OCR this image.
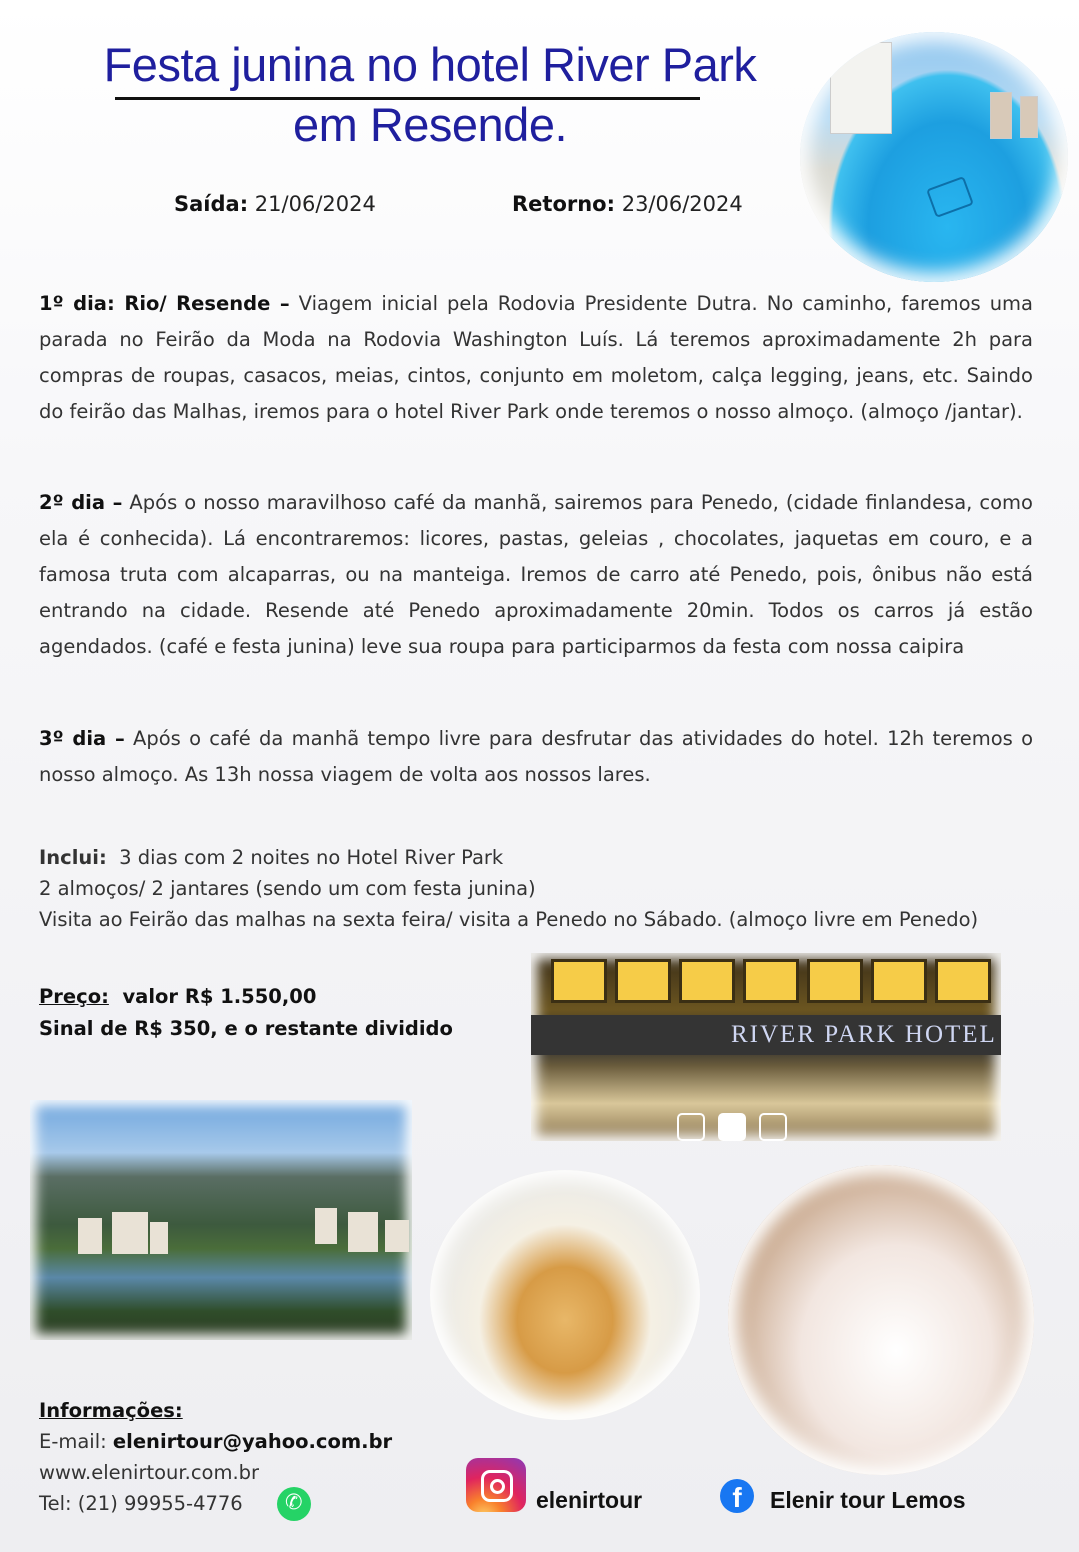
Festa junina no hotel River Park
em Resende.
Saída: 21/06/2024	Retorno: 23/06/2024
1º dia: Rio/ Resende – Viagem inicial pela Rodovia Presidente Dutra. No caminho, faremos uma parada no Feirão da Moda na Rodovia Washington Luís. Lá teremos aproximadamente 2h para compras de roupas, casacos, meias, cintos, conjunto em moletom, calça legging, jeans, etc. Saindo do feirão das Malhas, iremos para o hotel River Park onde teremos o nosso almoço. (almoço /jantar).
2º dia – Após o nosso maravilhoso café da manhã, sairemos para Penedo, (cidade finlandesa, como ela é conhecida). Lá encontraremos: licores, pastas, geleias , chocolates, jaquetas em couro, e a famosa truta com alcaparras, ou na manteiga. Iremos de carro até Penedo, pois, ônibus não está entrando na cidade. Resende até Penedo aproximadamente 20min. Todos os carros já estão agendados. (café e festa junina) leve sua roupa para participarmos da festa com nossa caipira
3º dia – Após o café da manhã tempo livre para desfrutar das atividades do hotel. 12h teremos o nosso almoço. As 13h nossa viagem de volta aos nossos lares.
Inclui: 3 dias com 2 noites no Hotel River Park
2 almoços/ 2 jantares (sendo um com festa junina)
Visita ao Feirão das malhas na sexta feira/ visita a Penedo no Sábado. (almoço livre em Penedo)
Preço: valor R$ 1.550,00
Sinal de R$ 350, e o restante dividido	RIVER PARK HOTEL
Informações:
E-mail: elenirtour@yahoo.com.br
www.elenirtour.com.br
Tel: (21) 99955-4776
✆	elenirtour	f	Elenir tour Lemos
